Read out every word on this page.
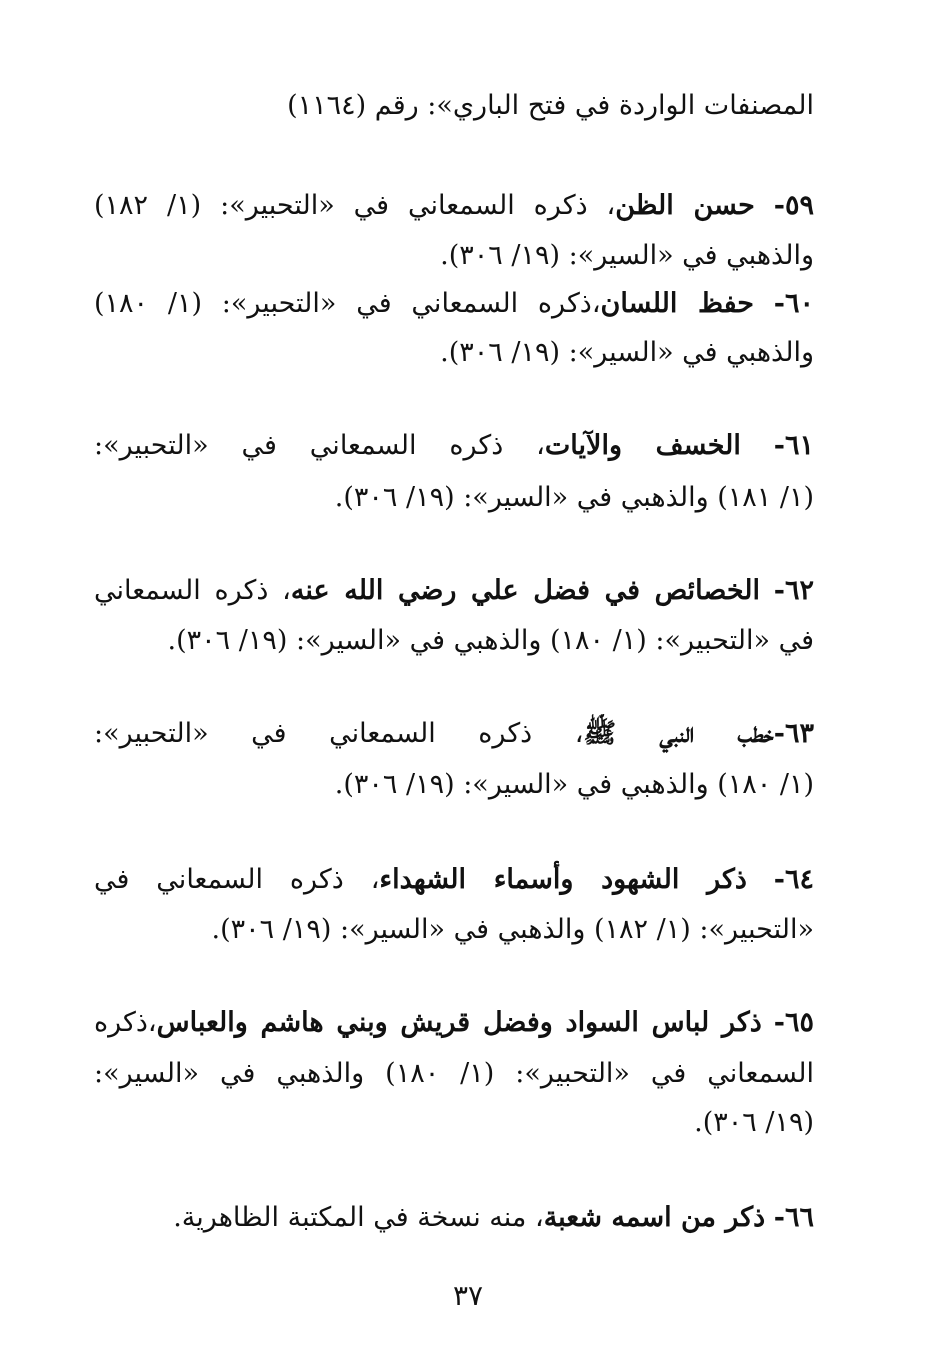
المصنفات الواردة في فتح الباري»: رقم (١١٦٤)
٥٩- حسن الظن، ذكره السمعاني في «التحبير»: (١/ ١٨٢)
والذهبي في «السير»: (١٩/ ٣٠٦).
٦٠- حفظ اللسان،ذكره السمعاني في «التحبير»: (١/ ١٨٠)
والذهبي في «السير»: (١٩/ ٣٠٦).
٦١- الخسف والآيات، ذكره السمعاني في «التحبير»:
(١/ ١٨١) والذهبي في «السير»: (١٩/ ٣٠٦).
٦٢- الخصائص في فضل علي رضي الله عنه، ذكره السمعاني
في «التحبير»: (١/ ١٨٠) والذهبي في «السير»: (١٩/ ٣٠٦).
٦٣-خطب النبي ﷺ، ذكره السمعاني في «التحبير»:
(١/ ١٨٠) والذهبي في «السير»: (١٩/ ٣٠٦).
٦٤- ذكر الشهود وأسماء الشهداء، ذكره السمعاني في
«التحبير»: (١/ ١٨٢) والذهبي في «السير»: (١٩/ ٣٠٦).
٦٥- ذكر لباس السواد وفضل قريش وبني هاشم والعباس،ذكره
السمعاني في «التحبير»: (١/ ١٨٠) والذهبي في «السير»:
(١٩/ ٣٠٦).
٦٦- ذكر من اسمه شعبة، منه نسخة في المكتبة الظاهرية.
٣٧
